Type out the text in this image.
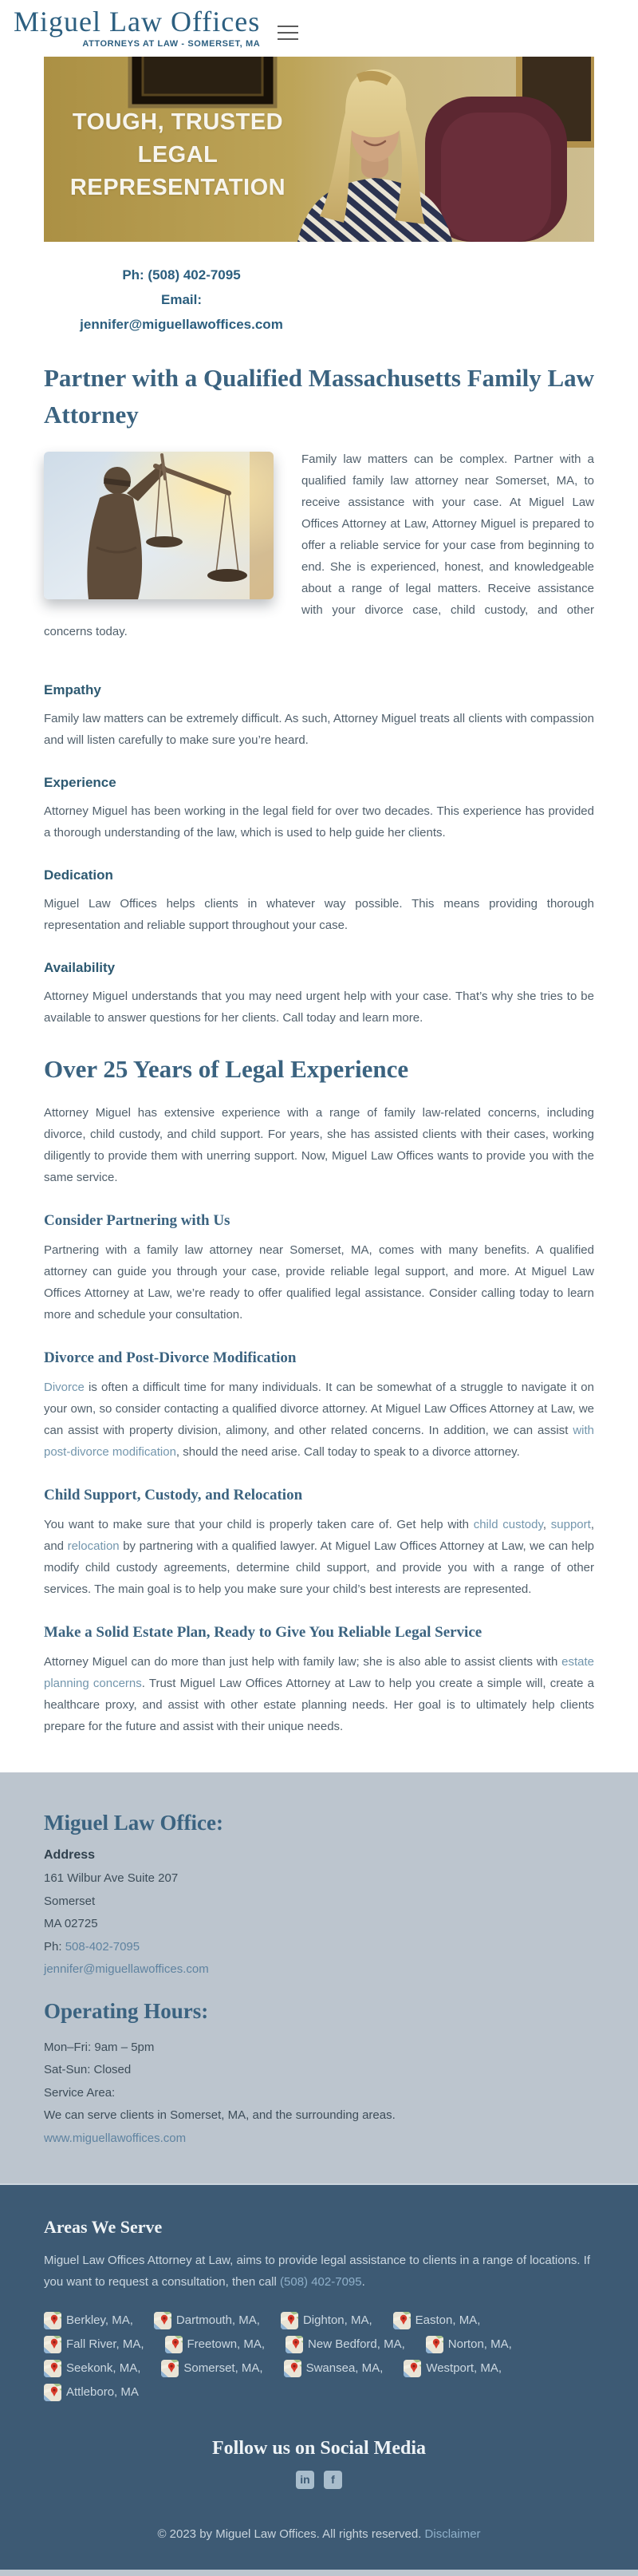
Miguel Law Offices
ATTORNEYS AT LAW - SOMERSET, MA
TOUGH, TRUSTED
LEGAL
REPRESENTATION
Ph: (508) 402-7095
Email:
jennifer@miguellawoffices.com
Partner with a Qualified Massachusetts Family Law Attorney

Family law matters can be complex. Partner with a qualified family law attorney near Somerset, MA, to receive assistance with your case. At Miguel Law Offices Attorney at Law, Attorney Miguel is prepared to offer a reliable service for your case from beginning to end. She is experienced, honest, and knowledgeable about a range of legal matters. Receive assistance with your divorce case, child custody, and other concerns today.

Empathy

Family law matters can be extremely difficult. As such, Attorney Miguel treats all clients with compassion and will listen carefully to make sure you’re heard.

Experience

Attorney Miguel has been working in the legal field for over two decades. This experience has provided a thorough understanding of the law, which is used to help guide her clients.

Dedication

Miguel Law Offices helps clients in whatever way possible. This means providing thorough representation and reliable support throughout your case.

Availability

Attorney Miguel understands that you may need urgent help with your case. That’s why she tries to be available to answer questions for her clients. Call today and learn more.

Over 25 Years of Legal Experience

Attorney Miguel has extensive experience with a range of family law-related concerns, including divorce, child custody, and child support. For years, she has assisted clients with their cases, working diligently to provide them with unerring support. Now, Miguel Law Offices wants to provide you with the same service.

Consider Partnering with Us

Partnering with a family law attorney near Somerset, MA, comes with many benefits. A qualified attorney can guide you through your case, provide reliable legal support, and more. At Miguel Law Offices Attorney at Law, we’re ready to offer qualified legal assistance. Consider calling today to learn more and schedule your consultation.

Divorce and Post-Divorce Modification

Divorce is often a difficult time for many individuals. It can be somewhat of a struggle to navigate it on your own, so consider contacting a qualified divorce attorney. At Miguel Law Offices Attorney at Law, we can assist with property division, alimony, and other related concerns. In addition, we can assist with post-divorce modification, should the need arise. Call today to speak to a divorce attorney.

Child Support, Custody, and Relocation

You want to make sure that your child is properly taken care of. Get help with child custody, support, and relocation by partnering with a qualified lawyer. At Miguel Law Offices Attorney at Law, we can help modify child custody agreements, determine child support, and provide you with a range of other services. The main goal is to help you make sure your child’s best interests are represented.

Make a Solid Estate Plan, Ready to Give You Reliable Legal Service

Attorney Miguel can do more than just help with family law; she is also able to assist clients with estate planning concerns. Trust Miguel Law Offices Attorney at Law to help you create a simple will, create a healthcare proxy, and assist with other estate planning needs. Her goal is to ultimately help clients prepare for the future and assist with their unique needs.

Miguel Law Office:
Address
161 Wilbur Ave Suite 207
Somerset
MA 02725
Ph: 508-402-7095
jennifer@miguellawoffices.com
Operating Hours:
Mon–Fri: 9am – 5pm
Sat-Sun: Closed
Service Area:
We can serve clients in Somerset, MA, and the surrounding areas.
www.miguellawoffices.com
Areas We Serve

Miguel Law Offices Attorney at Law, aims to provide legal assistance to clients in a range of locations. If you want to request a consultation, then call (508) 402-7095.

Berkley, MA,	Dartmouth, MA,	Dighton, MA,	Easton, MA,
Fall River, MA,	Freetown, MA,	New Bedford, MA,	Norton, MA,
Seekonk, MA,	Somerset, MA,	Swansea, MA,	Westport, MA,
Attleboro, MA
Follow us on Social Media
in	f
© 2023 by Miguel Law Offices. All rights reserved. Disclaimer
